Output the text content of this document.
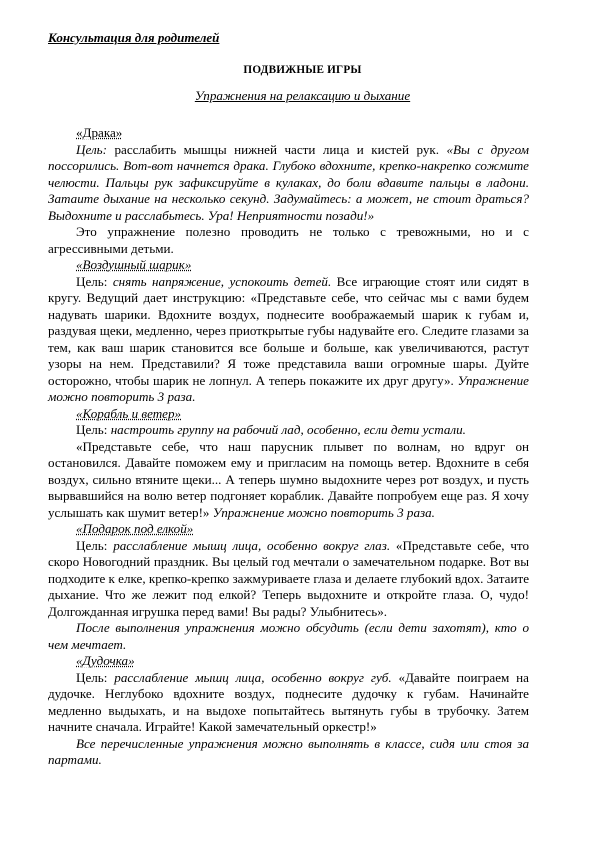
Консультация для родителей
ПОДВИЖНЫЕ ИГРЫ
Упражнения на релаксацию и дыхание
«Драка»

Цель: расслабить мышцы нижней части лица и кистей рук. «Вы с другом поссорились. Вот-вот начнется драка. Глубоко вдохните, крепко-накрепко сожмите челюсти. Пальцы рук зафиксируйте в кулаках, до боли вдавите пальцы в ладони. Затаите дыхание на несколько секунд. Задумайтесь: а может, не стоит драться? Выдохните и расслабьтесь. Ура! Неприятности позади!»

Это упражнение полезно проводить не только с тревожными, но и с агрессивными детьми.

«Воздушный шарик»

Цель: снять напряжение, успокоить детей. Все играющие стоят или сидят в кругу. Ведущий дает инструкцию: «Представьте себе, что сейчас мы с вами будем надувать шарики. Вдохните воздух, поднесите воображаемый шарик к губам и, раздувая щеки, медленно, через приоткрытые губы надувайте его. Следите глазами за тем, как ваш шарик становится все больше и больше, как увеличиваются, растут узоры на нем. Представили? Я тоже представила ваши огромные шары. Дуйте осторожно, чтобы шарик не лопнул. А теперь покажите их друг другу». Упражнение можно повторить 3 раза.

«Корабль и ветер»

Цель: настроить группу на рабочий лад, особенно, если дети устали.

«Представьте себе, что наш парусник плывет по волнам, но вдруг он остановился. Давайте поможем ему и пригласим на помощь ветер. Вдохните в себя воздух, сильно втяните щеки... А теперь шумно выдохните через рот воздух, и пусть вырвавшийся на волю ветер подгоняет кораблик. Давайте попробуем еще раз. Я хочу услышать как шумит ветер!» Упражнение можно повторить 3 раза.

«Подарок под елкой»

Цель: расслабление мышц лица, особенно вокруг глаз. «Представьте себе, что скоро Новогодний праздник. Вы целый год мечтали о замечательном подарке. Вот вы подходите к елке, крепко-крепко зажмуриваете глаза и делаете глубокий вдох. Затаите дыхание. Что же лежит под елкой? Теперь выдохните и откройте глаза. О, чудо! Долгожданная игрушка перед вами! Вы рады? Улыбнитесь».

После выполнения упражнения можно обсудить (если дети захотят), кто о чем мечтает.

«Дудочка»

Цель: расслабление мышц лица, особенно вокруг губ. «Давайте поиграем на дудочке. Неглубоко вдохните воздух, поднесите дудочку к губам. Начинайте медленно выдыхать, и на выдохе попытайтесь вытянуть губы в трубочку. Затем начните сначала. Играйте! Какой замечательный оркестр!»

Все перечисленные упражнения можно выполнять в классе, сидя или стоя за партами.
